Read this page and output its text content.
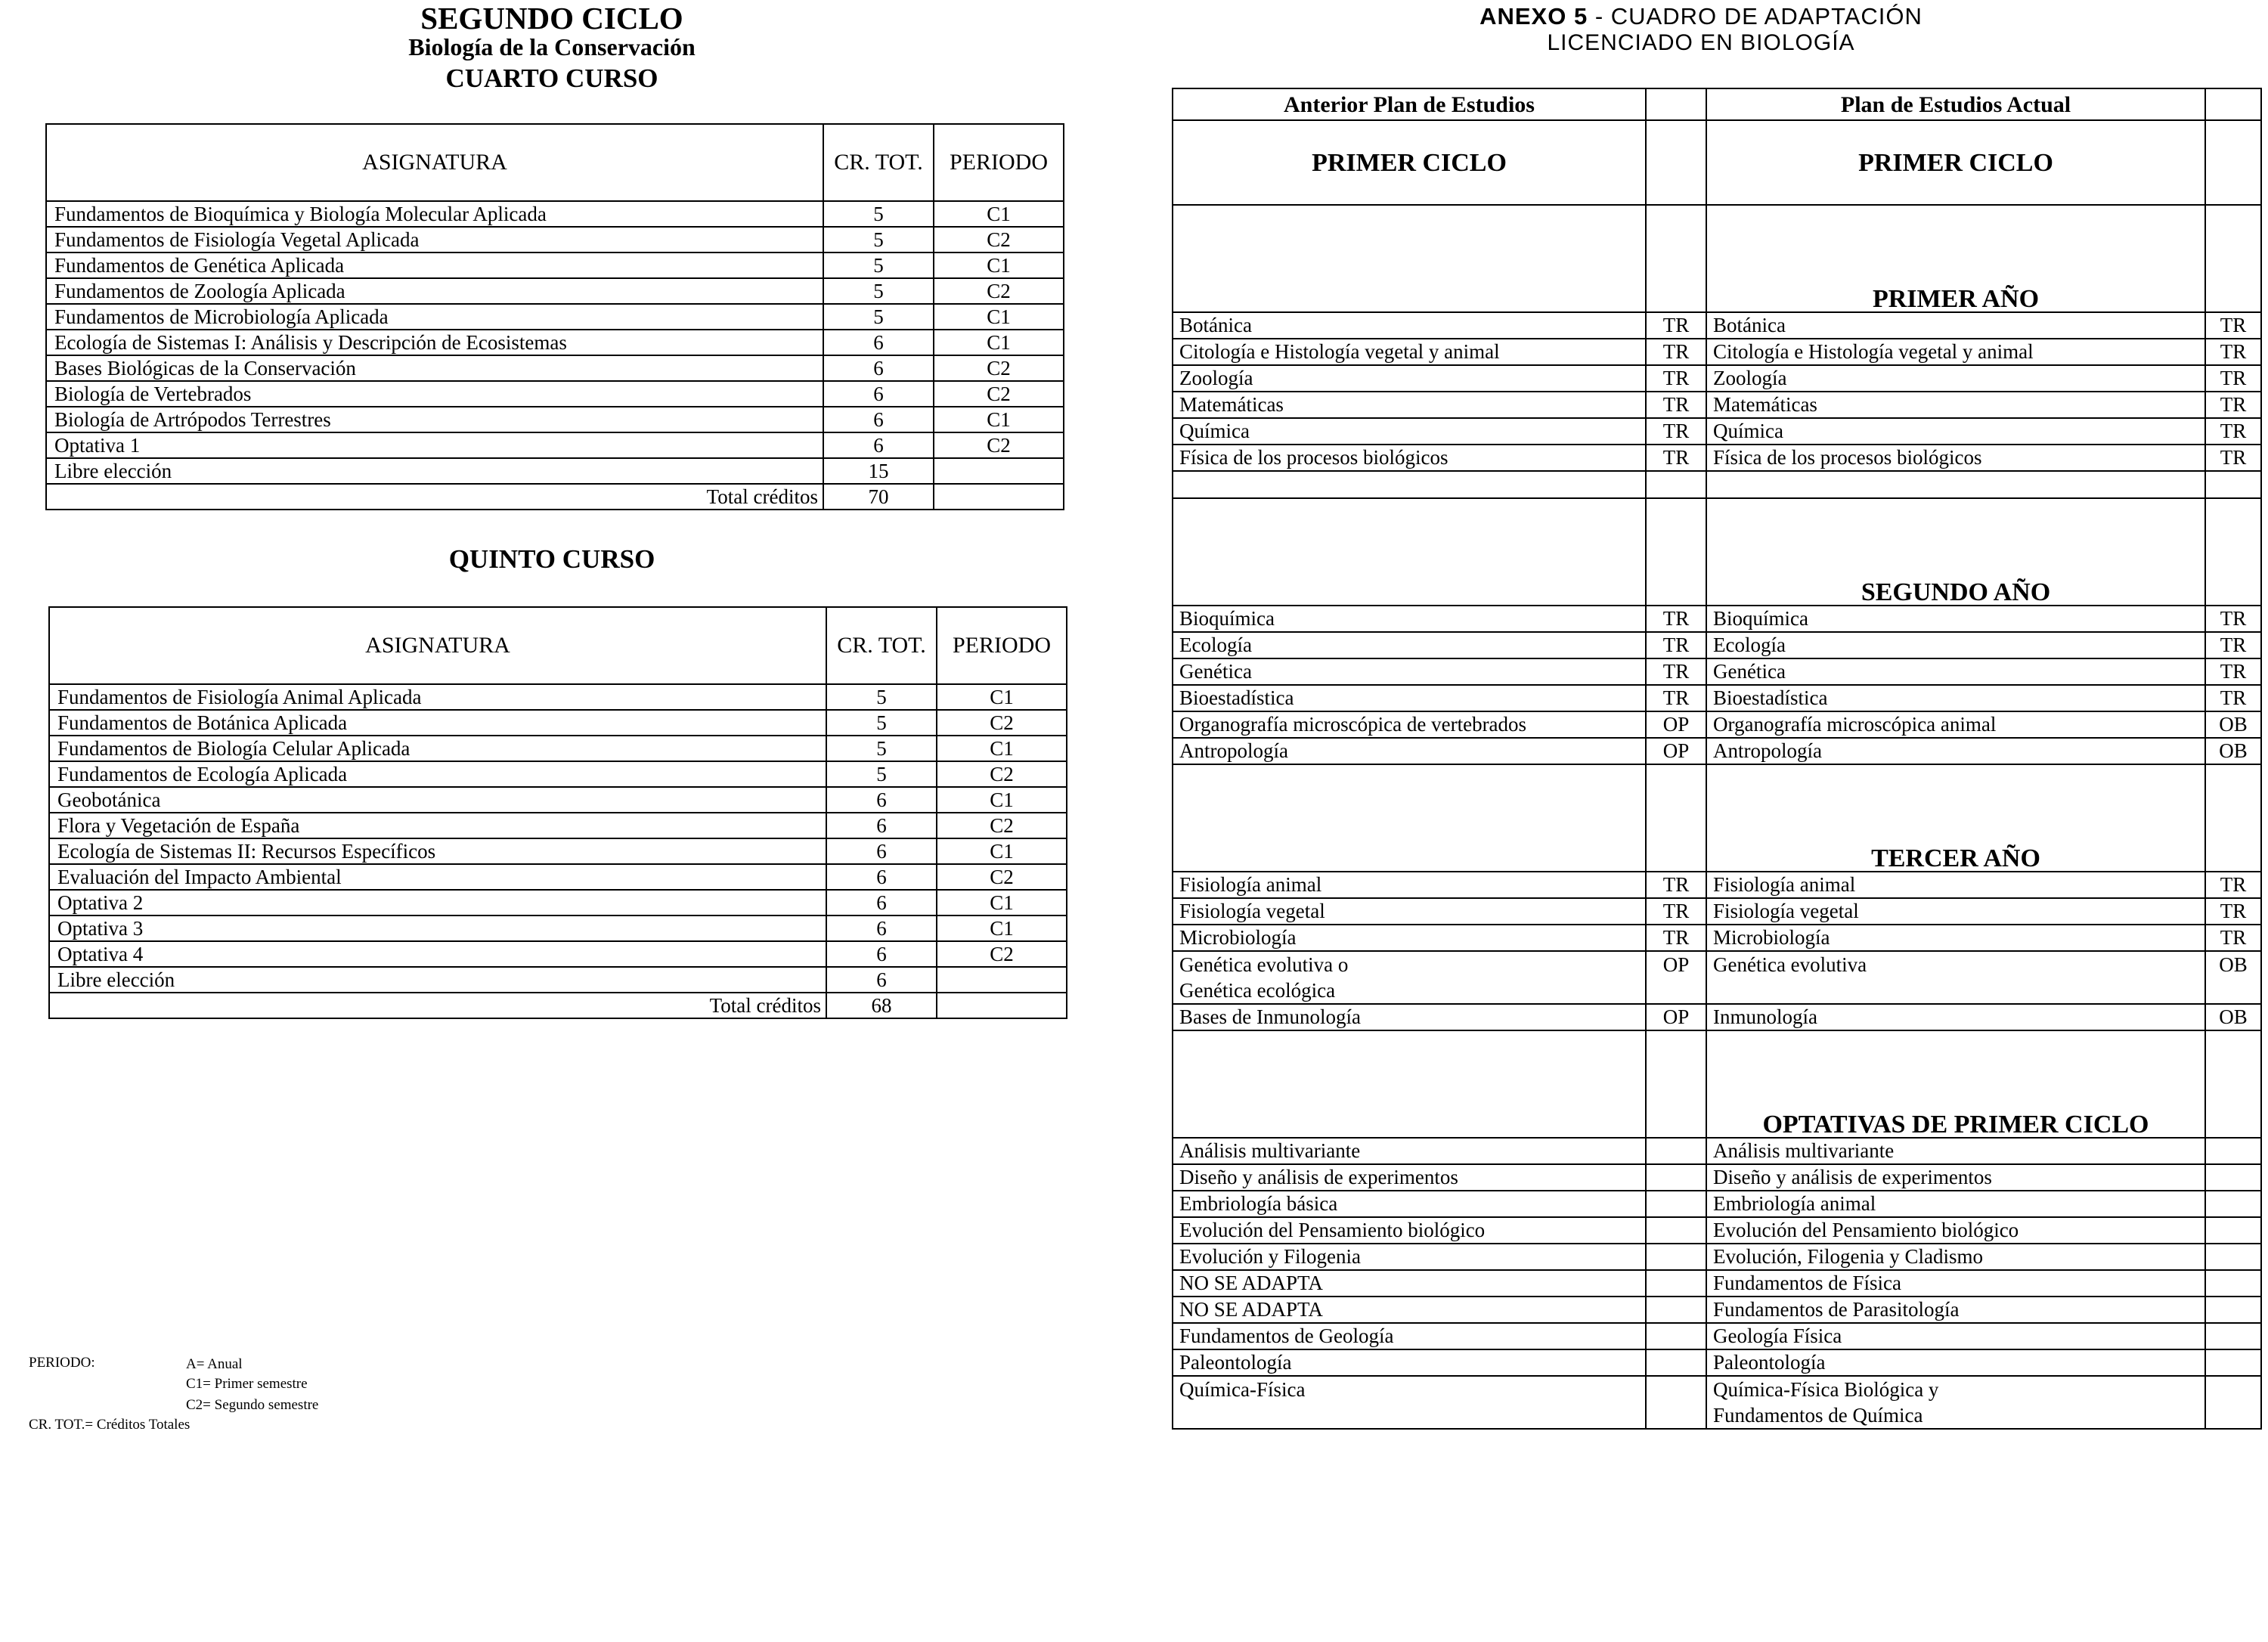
SEGUNDO CICLO
Biología de la Conservación
CUARTO CURSO
ASIGNATURA	CR. TOT.	PERIODO
Fundamentos de Bioquímica y Biología Molecular Aplicada	5	C1
Fundamentos de Fisiología Vegetal Aplicada	5	C2
Fundamentos de Genética Aplicada	5	C1
Fundamentos de Zoología Aplicada	5	C2
Fundamentos de Microbiología Aplicada	5	C1
Ecología de Sistemas I: Análisis y Descripción de Ecosistemas	6	C1
Bases Biológicas de la Conservación	6	C2
Biología de Vertebrados	6	C2
Biología de Artrópodos Terrestres	6	C1
Optativa 1	6	C2
Libre elección	15	
Total créditos	70	
QUINTO CURSO
ASIGNATURA	CR. TOT.	PERIODO
Fundamentos de Fisiología Animal Aplicada	5	C1
Fundamentos de Botánica Aplicada	5	C2
Fundamentos de Biología Celular Aplicada	5	C1
Fundamentos de Ecología Aplicada	5	C2
Geobotánica	6	C1
Flora y Vegetación de España	6	C2
Ecología de Sistemas II: Recursos Específicos	6	C1
Evaluación del Impacto Ambiental	6	C2
Optativa 2	6	C1
Optativa 3	6	C1
Optativa 4	6	C2
Libre elección	6	
Total créditos	68	
PERIODO:	A= Anual
C1= Primer semestre
C2= Segundo semestre
CR. TOT.= Créditos Totales
ANEXO 5 - CUADRO DE ADAPTACIÓN
LICENCIADO EN BIOLOGÍA
Anterior Plan de Estudios		Plan de Estudios Actual	
PRIMER CICLO		PRIMER CICLO	
		PRIMER AÑO	
Botánica	TR	Botánica	TR
Citología e Histología vegetal y animal	TR	Citología e Histología vegetal y animal	TR
Zoología	TR	Zoología	TR
Matemáticas	TR	Matemáticas	TR
Química	TR	Química	TR
Física de los procesos biológicos	TR	Física de los procesos biológicos	TR

		SEGUNDO AÑO	
Bioquímica	TR	Bioquímica	TR
Ecología	TR	Ecología	TR
Genética	TR	Genética	TR
Bioestadística	TR	Bioestadística	TR
Organografía microscópica de vertebrados	OP	Organografía microscópica animal	OB
Antropología	OP	Antropología	OB
		TERCER AÑO	
Fisiología animal	TR	Fisiología animal	TR
Fisiología vegetal	TR	Fisiología vegetal	TR
Microbiología	TR	Microbiología	TR

Genética evolutiva o
Genética ecológica	OP	Genética evolutiva	OB
Bases de Inmunología	OP	Inmunología	OB
		OPTATIVAS DE PRIMER CICLO	
Análisis multivariante		Análisis multivariante	
Diseño y análisis de experimentos		Diseño y análisis de experimentos	
Embriología básica		Embriología animal	
Evolución del Pensamiento biológico		Evolución del Pensamiento biológico	
Evolución y Filogenia		Evolución, Filogenia y Cladismo	
NO SE ADAPTA		Fundamentos de Física	
NO SE ADAPTA		Fundamentos de Parasitología	
Fundamentos de Geología		Geología Física	
Paleontología		Paleontología	
Química-Física		Química-Física Biológica y
Fundamentos de Química	
